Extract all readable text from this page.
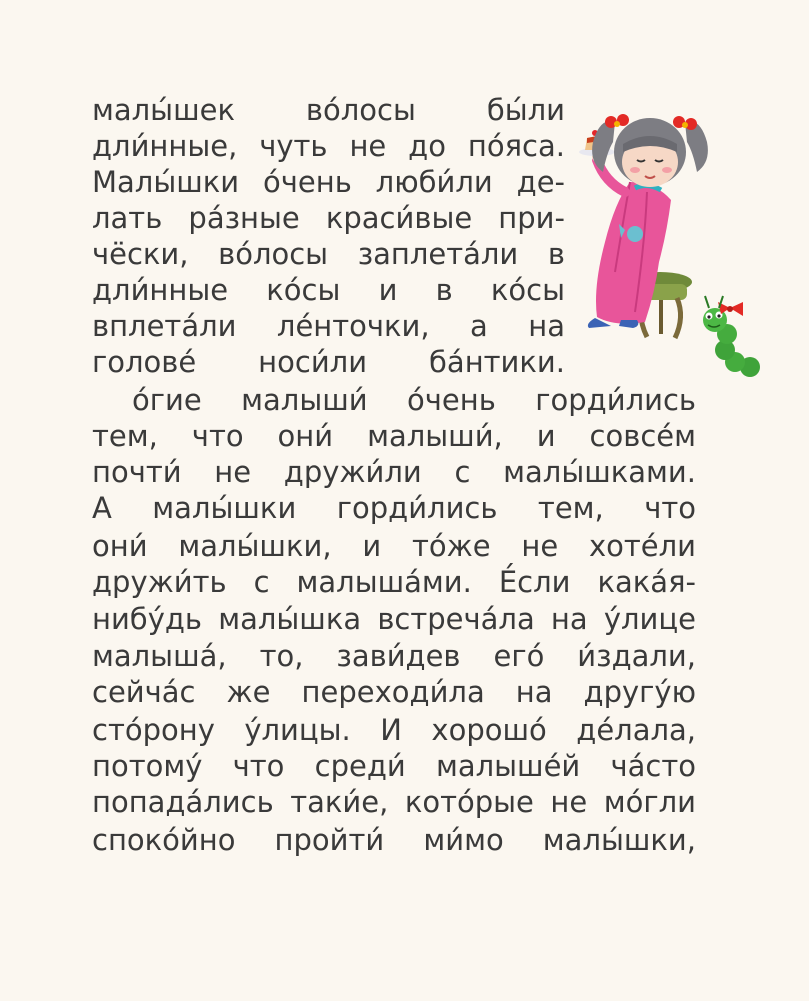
малы́шек во́лосы бы́ли
дли́нные, чуть не до по́яса.
Малы́шки о́чень люби́ли де-
лать ра́зные краси́вые при-
чёски, во́лосы заплета́ли в
дли́нные ко́сы и в ко́сы
вплета́ли ле́нточки, а на
голове́ носи́ли ба́нтики.
о́гие малыши́ о́чень горди́лись
тем, что они́ малыши́, и совсе́м
почти́ не дружи́ли с малы́шками.
А малы́шки горди́лись тем, что
они́ малы́шки, и то́же не хоте́ли
дружи́ть с малыша́ми. Е́сли кака́я-
нибу́дь малы́шка встреча́ла на у́лице
малыша́, то, зави́дев его́ и́здали,
сейча́с же переходи́ла на другу́ю
сто́рону у́лицы. И хорошо́ де́лала,
потому́ что среди́ малыше́й ча́сто
попада́лись таки́е, кото́рые не мо́гли
споко́йно пройти́ ми́мо малы́шки,
